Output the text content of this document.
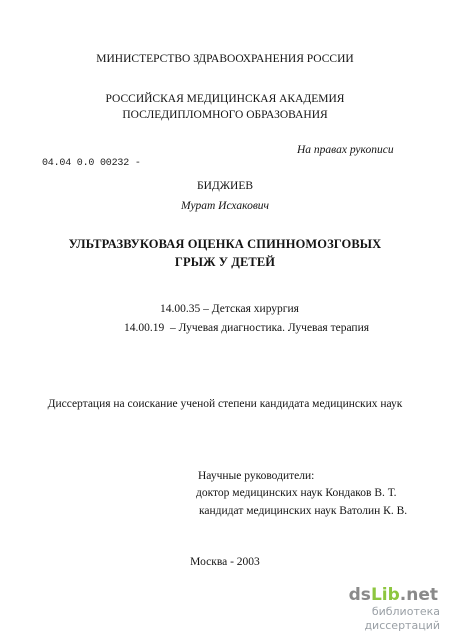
МИНИСТЕРСТВО ЗДРАВООХРАНЕНИЯ РОССИИ
РОССИЙСКАЯ МЕДИЦИНСКАЯ АКАДЕМИЯ
ПОСЛЕДИПЛОМНОГО ОБРАЗОВАНИЯ
На правах рукописи
04.04 0.0 00232 -
БИДЖИЕВ
Мурат Исхакович
УЛЬТРАЗВУКОВАЯ ОЦЕНКА СПИННОМОЗГОВЫХ
ГРЫЖ У ДЕТЕЙ
14.00.35 – Детская хирургия
14.00.19  – Лучевая диагностика. Лучевая терапия
Диссертация на соискание ученой степени кандидата медицинских наук
Научные руководители:
доктор медицинских наук Кондаков В. Т.
кандидат медицинских наук Ватолин К. В.
Москва - 2003
dsLib.net
библиотека диссертаций
